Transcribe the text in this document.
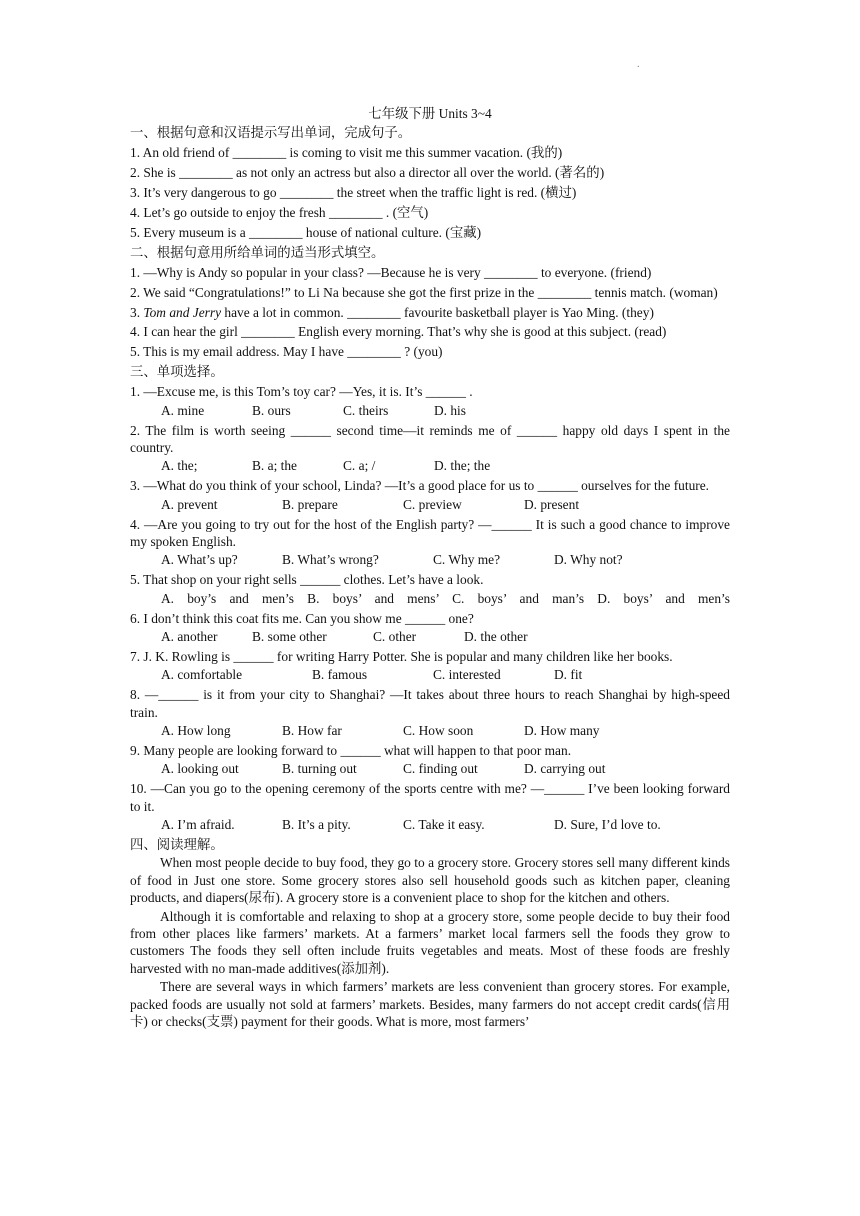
.
七年级下册 Units 3~4
一、根据句意和汉语提示写出单词，完成句子。
1. An old friend of ________ is coming to visit me this summer vacation. (我的)
2. She is ________ as not only an actress but also a director all over the world. (著名的)
3. It’s very dangerous to go ________ the street when the traffic light is red. (横过)
4. Let’s go outside to enjoy the fresh ________ . (空气)
5. Every museum is a ________ house of national culture. (宝藏)
二、根据句意用所给单词的适当形式填空。
1. —Why is Andy so popular in your class? —Because he is very ________ to everyone. (friend)
2. We said “Congratulations!” to Li Na because she got the first prize in the ________ tennis match. (woman)
3. Tom and Jerry have a lot in common. ________ favourite basketball player is Yao Ming. (they)
4. I can hear the girl ________ English every morning. That’s why she is good at this subject. (read)
5. This is my email address. May I have ________ ? (you)
三、单项选择。
1. —Excuse me, is this Tom’s toy car? —Yes, it is. It’s ______ .
A. mine	B. ours	C. theirs	D. his
2. The film is worth seeing ______ second time—it reminds me of ______ happy old days I spent in the country.
A. the;	B. a; the	C. a; /	D. the; the
3. —What do you think of your school, Linda? —It’s a good place for us to ______ ourselves for the future.
A. prevent	B. prepare	C. preview	D. present
4. —Are you going to try out for the host of the English party? —______ It is such a good chance to improve my spoken English.
A. What’s up?	B. What’s wrong?	C. Why me?	D. Why not?
5. That shop on your right sells ______ clothes. Let’s have a look.
A. boy’s and men’s B. boys’ and mens’ C. boys’ and man’s D. boys’ and men’s
6. I don’t think this coat fits me. Can you show me ______ one?
A. another	B. some other	C. other	D. the other
7. J. K. Rowling is ______ for writing Harry Potter. She is popular and many children like her books.
A. comfortable	B. famous	C. interested	D. fit
8. —______ is it from your city to Shanghai? —It takes about three hours to reach Shanghai by high-speed train.
A. How long	B. How far	C. How soon	D. How many
9. Many people are looking forward to ______ what will happen to that poor man.
A. looking out	B. turning out	C. finding out	D. carrying out
10. —Can you go to the opening ceremony of the sports centre with me? —______ I’ve been looking forward to it.
A. I’m afraid.	B. It’s a pity.	C. Take it easy.	D. Sure, I’d love to.
四、阅读理解。
When most people decide to buy food, they go to a grocery store. Grocery stores sell many different kinds of food in Just one store. Some grocery stores also sell household goods such as kitchen paper, cleaning products, and diapers(尿布). A grocery store is a convenient place to shop for the kitchen and others.
Although it is comfortable and relaxing to shop at a grocery store, some people decide to buy their food from other places like farmers’ markets. At a farmers’ market local farmers sell the foods they grow to customers The foods they sell often include fruits vegetables and meats. Most of these foods are freshly harvested with no man-made additives(添加剂).
There are several ways in which farmers’ markets are less convenient than grocery stores. For example, packed foods are usually not sold at farmers’ markets. Besides, many farmers do not accept credit cards(信用卡) or checks(支票) payment for their goods. What is more, most farmers’
